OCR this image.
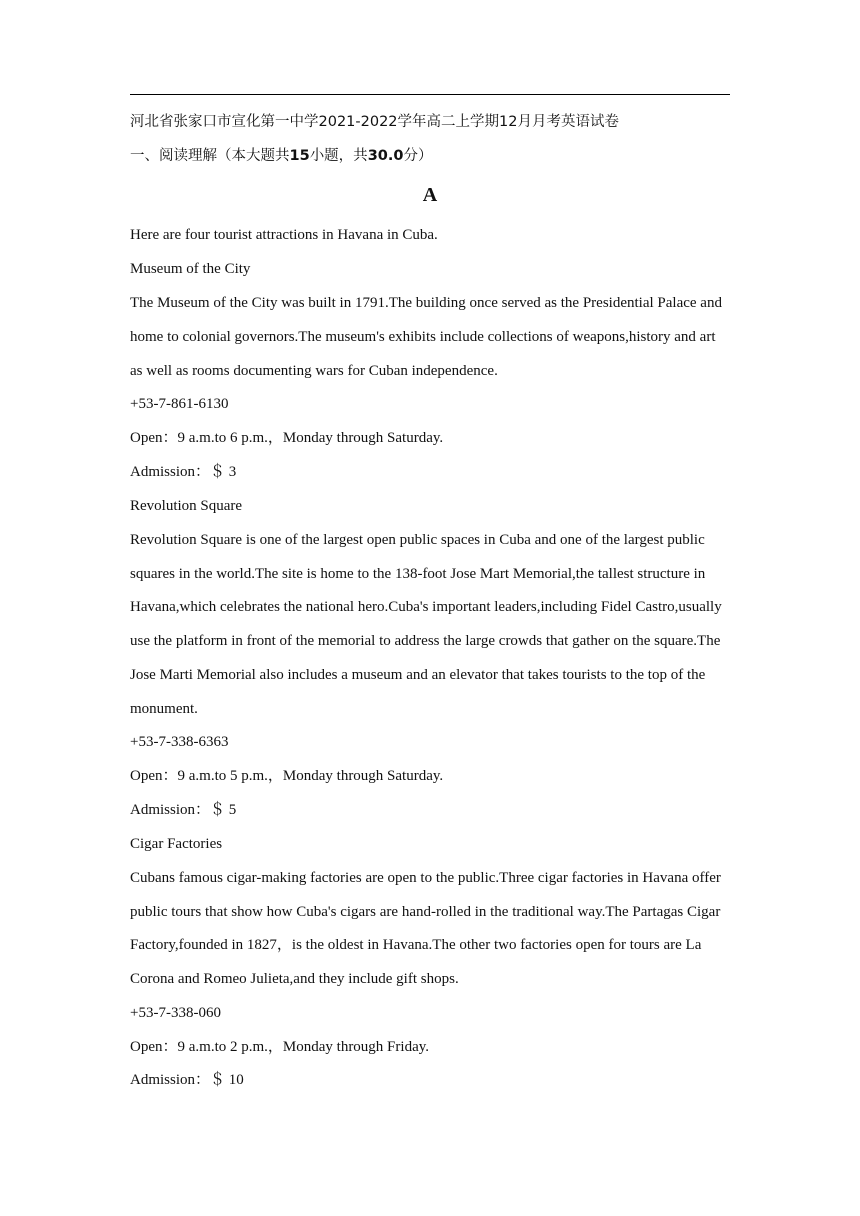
河北省张家口市宣化第一中学2021-2022学年高二上学期12月月考英语试卷
一、阅读理解（本大题共15小题，共30.0分）
A
Here are four tourist attractions in Havana in Cuba.
Museum of the City
The Museum of the City was built in 1791.The building once served as the Presidential Palace and
home to colonial governors.The museum's exhibits include collections of weapons,history and art
as well as rooms documenting wars for Cuban independence.
+53-7-861-6130
Open：9 a.m.to 6 p.m.，Monday through Saturday.
Admission：＄ 3
Revolution Square
Revolution Square is one of the largest open public spaces in Cuba and one of the largest public
squares in the world.The site is home to the 138-foot Jose Mart Memorial,the tallest structure in
Havana,which celebrates the national hero.Cuba's important leaders,including Fidel Castro,usually
use the platform in front of the memorial to address the large crowds that gather on the square.The
Jose Marti Memorial also includes a museum and an elevator that takes tourists to the top of the
monument.
+53-7-338-6363
Open：9 a.m.to 5 p.m.，Monday through Saturday.
Admission：＄ 5
Cigar Factories
Cubans famous cigar-making factories are open to the public.Three cigar factories in Havana offer
public tours that show how Cuba's cigars are hand-rolled in the traditional way.The Partagas Cigar
Factory,founded in 1827，is the oldest in Havana.The other two factories open for tours are La
Corona and Romeo Julieta,and they include gift shops.
+53-7-338-060
Open：9 a.m.to 2 p.m.，Monday through Friday.
Admission：＄ 10
